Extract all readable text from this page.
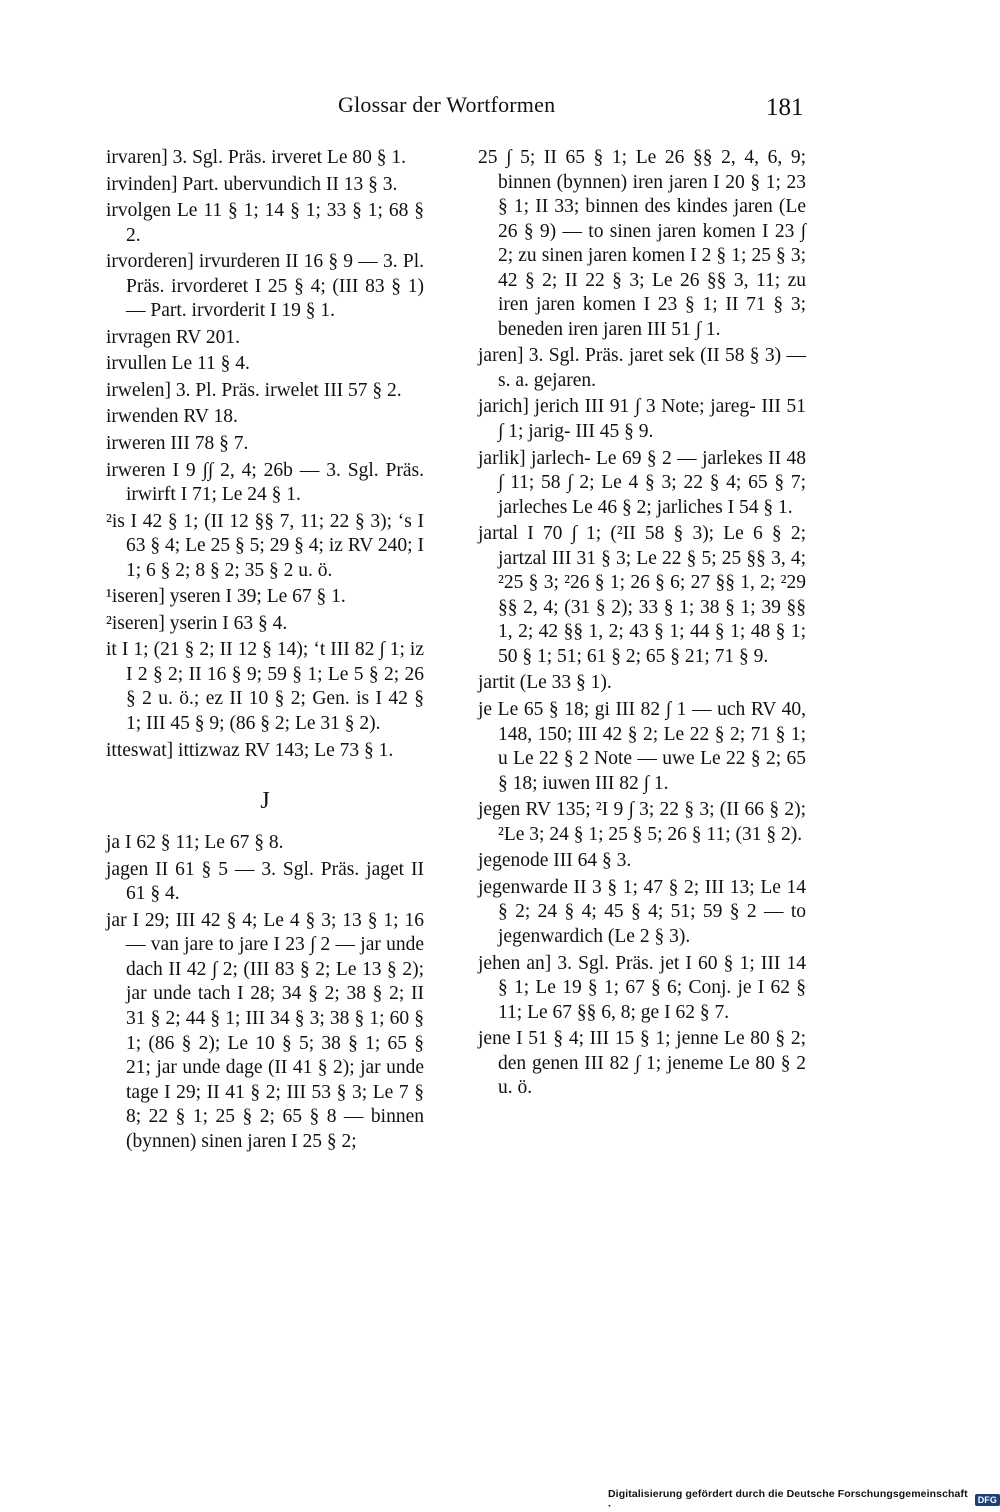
Glossar der Wortformen	181

irvaren] 3. Sgl. Präs. irveret Le 80 § 1.

irvinden] Part. ubervundich II 13 § 3.

irvolgen Le 11 § 1; 14 § 1; 33 § 1; 68 § 2.

irvorderen] irvurderen II 16 § 9 — 3. Pl. Präs. irvorderet I 25 § 4; (III 83 § 1) — Part. irvorderit I 19 § 1.

irvragen RV 201.

irvullen Le 11 § 4.

irwelen] 3. Pl. Präs. irwelet III 57 § 2.

irwenden RV 18.

irweren III 78 § 7.

irweren I 9 ∫∫ 2, 4; 26b — 3. Sgl. Präs. irwirft I 71; Le 24 § 1.

²is I 42 § 1; (II 12 §§ 7, 11; 22 § 3); ‘s I 63 § 4; Le 25 § 5; 29 § 4; iz RV 240; I 1; 6 § 2; 8 § 2; 35 § 2 u. ö.

¹iseren] yseren I 39; Le 67 § 1.

²iseren] yserin I 63 § 4.

it I 1; (21 § 2; II 12 § 14); ‘t III 82 ∫ 1; iz I 2 § 2; II 16 § 9; 59 § 1; Le 5 § 2; 26 § 2 u. ö.; ez II 10 § 2; Gen. is I 42 § 1; III 45 § 9; (86 § 2; Le 31 § 2).

itteswat] ittizwaz RV 143; Le 73 § 1.

J

ja I 62 § 11; Le 67 § 8.

jagen II 61 § 5 — 3. Sgl. Präs. jaget II 61 § 4.

jar I 29; III 42 § 4; Le 4 § 3; 13 § 1; 16 — van jare to jare I 23 ∫ 2 — jar unde dach II 42 ∫ 2; (III 83 § 2; Le 13 § 2); jar unde tach I 28; 34 § 2; 38 § 2; II 31 § 2; 44 § 1; III 34 § 3; 38 § 1; 60 § 1; (86 § 2); Le 10 § 5; 38 § 1; 65 § 21; jar unde dage (II 41 § 2); jar unde tage I 29; II 41 § 2; III 53 § 3; Le 7 § 8; 22 § 1; 25 § 2; 65 § 8 — binnen (bynnen) sinen jaren I 25 § 2;

25 ∫ 5; II 65 § 1; Le 26 §§ 2, 4, 6, 9; binnen (bynnen) iren jaren I 20 § 1; 23 § 1; II 33; binnen des kindes jaren (Le 26 § 9) — to sinen jaren komen I 23 ∫ 2; zu sinen jaren komen I 2 § 1; 25 § 3; 42 § 2; II 22 § 3; Le 26 §§ 3, 11; zu iren jaren komen I 23 § 1; II 71 § 3; beneden iren jaren III 51 ∫ 1.

jaren] 3. Sgl. Präs. jaret sek (II 58 § 3) — s. a. gejaren.

jarich] jerich III 91 ∫ 3 Note; jareg- III 51 ∫ 1; jarig- III 45 § 9.

jarlik] jarlech- Le 69 § 2 — jarlekes II 48 ∫ 11; 58 ∫ 2; Le 4 § 3; 22 § 4; 65 § 7; jarleches Le 46 § 2; jarliches I 54 § 1.

jartal I 70 ∫ 1; (²II 58 § 3); Le 6 § 2; jartzal III 31 § 3; Le 22 § 5; 25 §§ 3, 4; ²25 § 3; ²26 § 1; 26 § 6; 27 §§ 1, 2; ²29 §§ 2, 4; (31 § 2); 33 § 1; 38 § 1; 39 §§ 1, 2; 42 §§ 1, 2; 43 § 1; 44 § 1; 48 § 1; 50 § 1; 51; 61 § 2; 65 § 21; 71 § 9.

jartit (Le 33 § 1).

je Le 65 § 18; gi III 82 ∫ 1 — uch RV 40, 148, 150; III 42 § 2; Le 22 § 2; 71 § 1; u Le 22 § 2 Note — uwe Le 22 § 2; 65 § 18; iuwen III 82 ∫ 1.

jegen RV 135; ²I 9 ∫ 3; 22 § 3; (II 66 § 2); ²Le 3; 24 § 1; 25 § 5; 26 § 11; (31 § 2).

jegenode III 64 § 3.

jegenwarde II 3 § 1; 47 § 2; III 13; Le 14 § 2; 24 § 4; 45 § 4; 51; 59 § 2 — to jegenwardich (Le 2 § 3).

jehen an] 3. Sgl. Präs. jet I 60 § 1; III 14 § 1; Le 19 § 1; 67 § 6; Conj. je I 62 § 11; Le 67 §§ 6, 8; ge I 62 § 7.

jene I 51 § 4; III 15 § 1; jenne Le 80 § 2; den genen III 82 ∫ 1; jeneme Le 80 § 2 u. ö.

Digitalisierung gefördert durch die Deutsche Forschungsgemeinschaft ·	DFG
